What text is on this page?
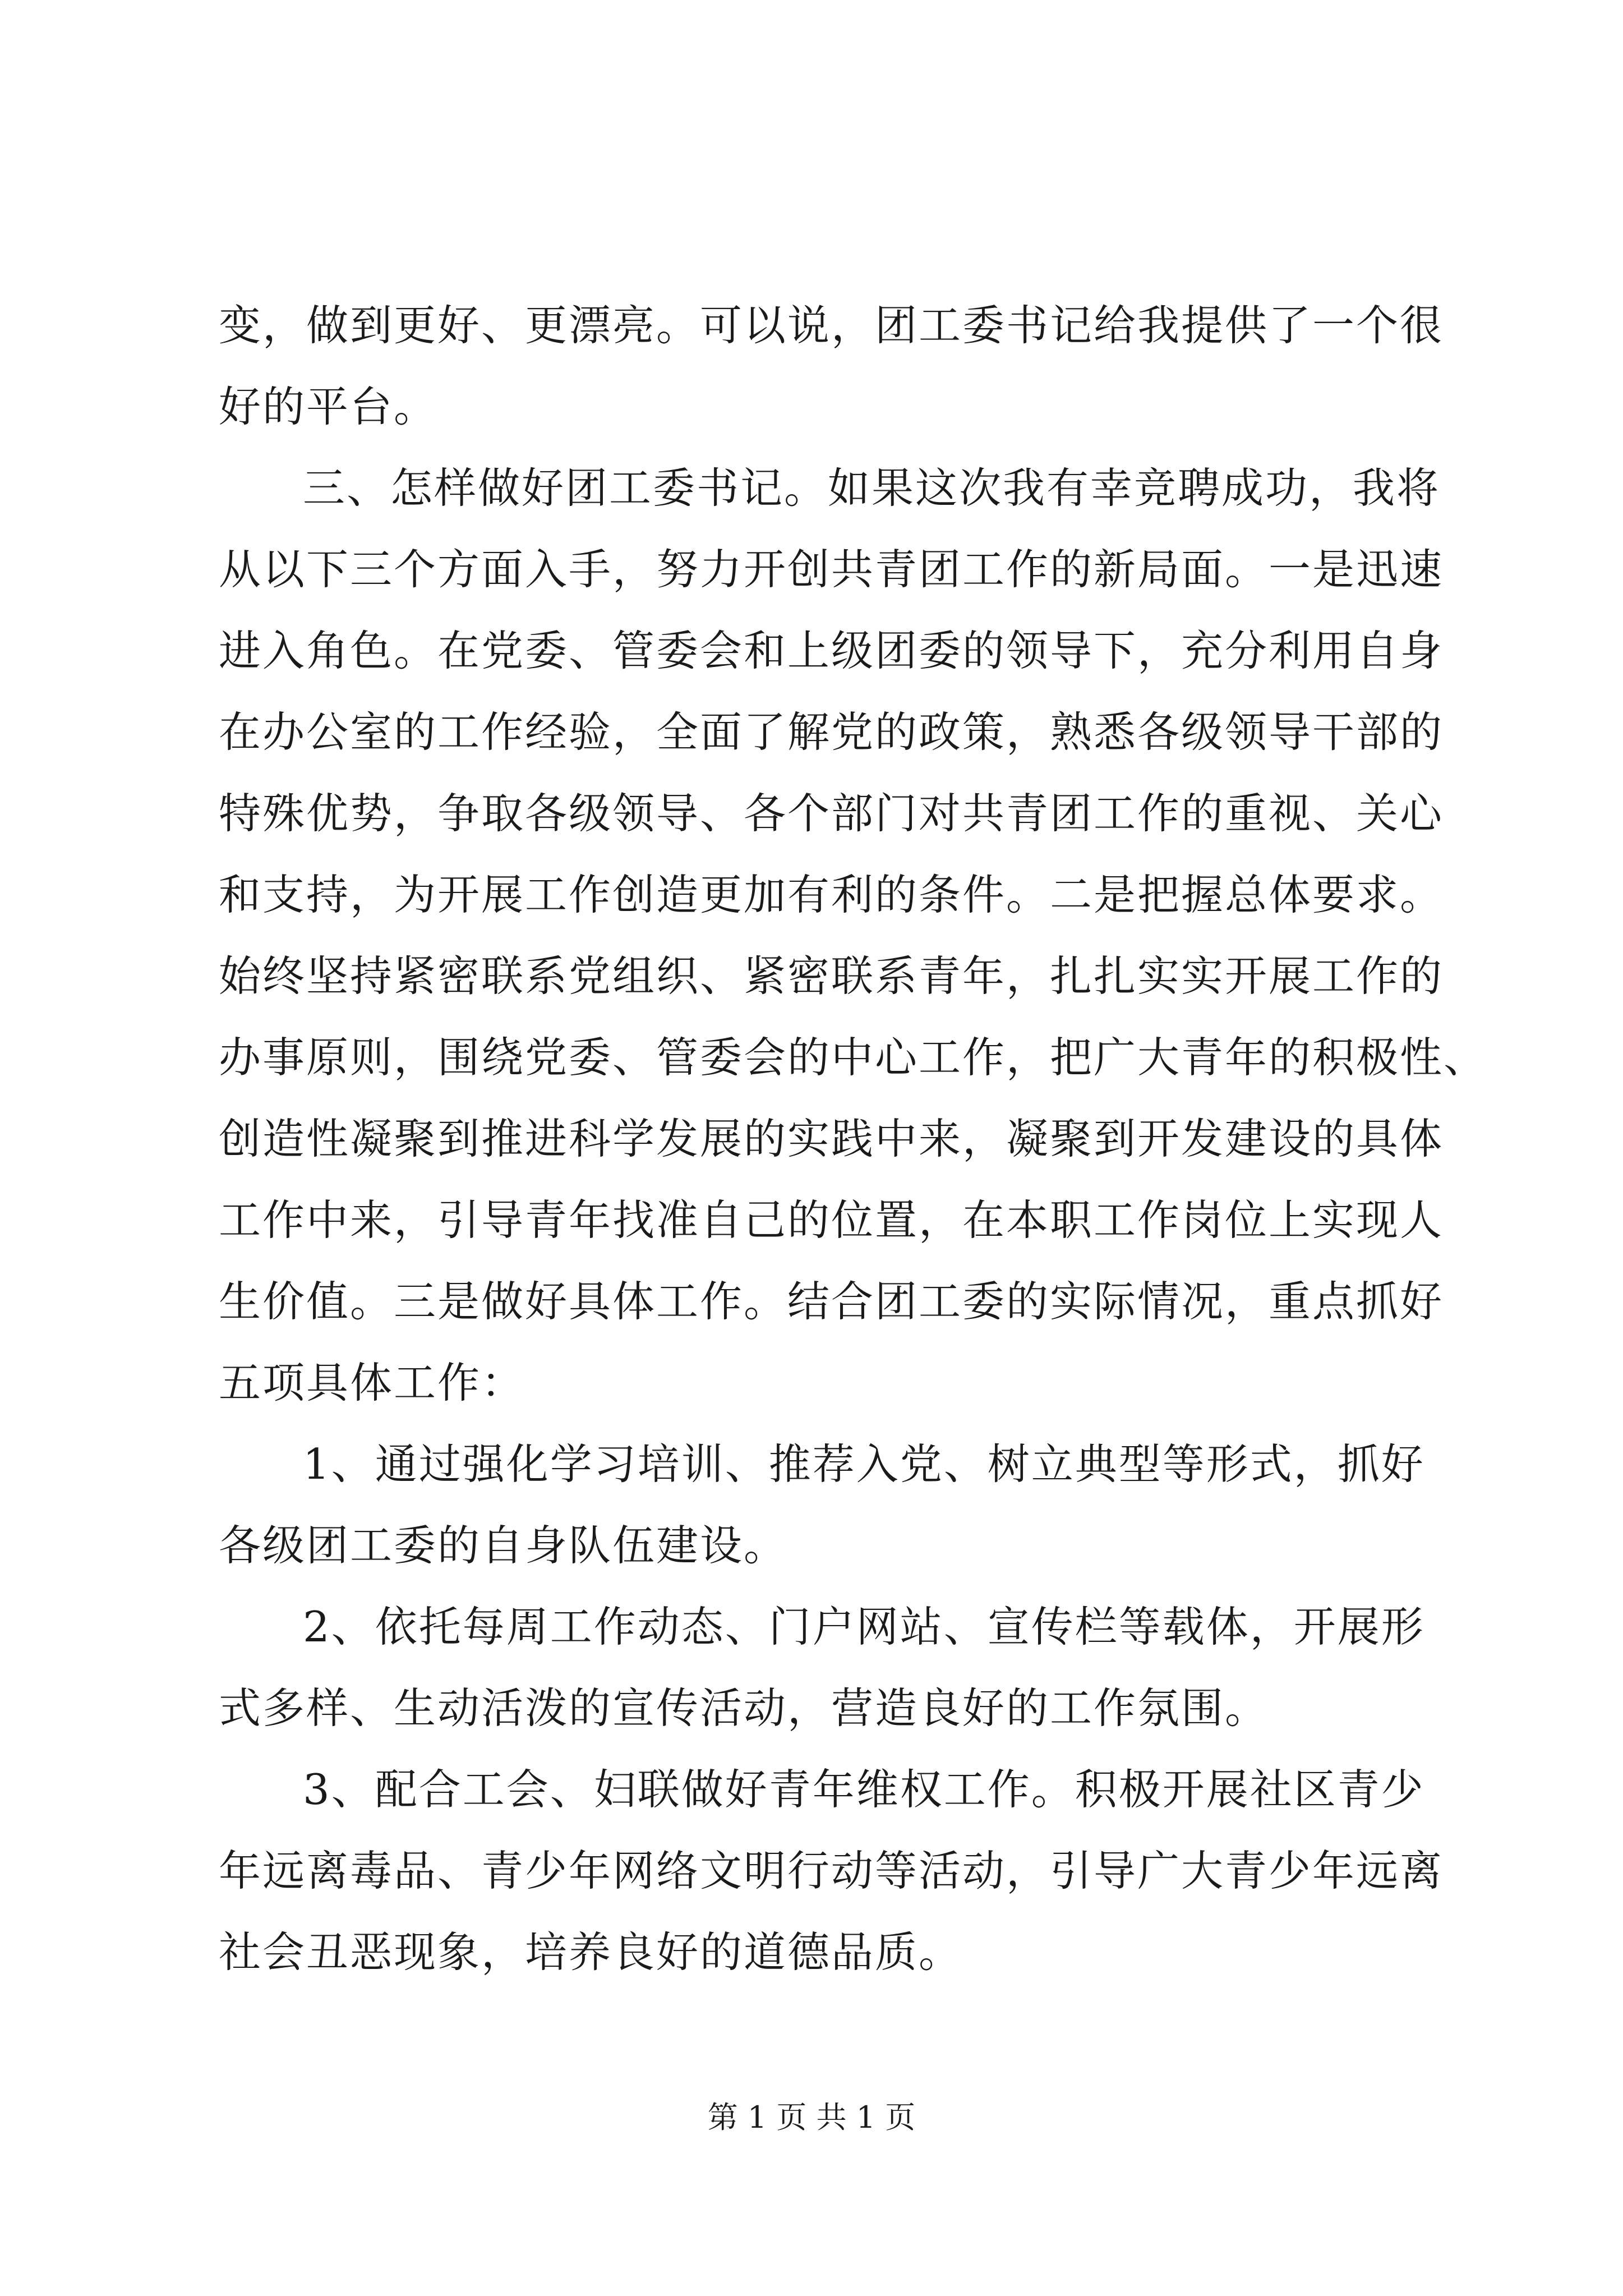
变，做到更好、更漂亮。可以说，团工委书记给我提供了一个很
好的平台。
三、怎样做好团工委书记。如果这次我有幸竞聘成功，我将
从以下三个方面入手，努力开创共青团工作的新局面。一是迅速
进入角色。在党委、管委会和上级团委的领导下，充分利用自身
在办公室的工作经验，全面了解党的政策，熟悉各级领导干部的
特殊优势，争取各级领导、各个部门对共青团工作的重视、关心
和支持，为开展工作创造更加有利的条件。二是把握总体要求。
始终坚持紧密联系党组织、紧密联系青年，扎扎实实开展工作的
办事原则，围绕党委、管委会的中心工作，把广大青年的积极性、
创造性凝聚到推进科学发展的实践中来，凝聚到开发建设的具体
工作中来，引导青年找准自己的位置，在本职工作岗位上实现人
生价值。三是做好具体工作。结合团工委的实际情况，重点抓好
五项具体工作：
1、通过强化学习培训、推荐入党、树立典型等形式，抓好
各级团工委的自身队伍建设。
2、依托每周工作动态、门户网站、宣传栏等载体，开展形
式多样、生动活泼的宣传活动，营造良好的工作氛围。
3、配合工会、妇联做好青年维权工作。积极开展社区青少
年远离毒品、青少年网络文明行动等活动，引导广大青少年远离
社会丑恶现象，培养良好的道德品质。
第 1 页 共 1 页
